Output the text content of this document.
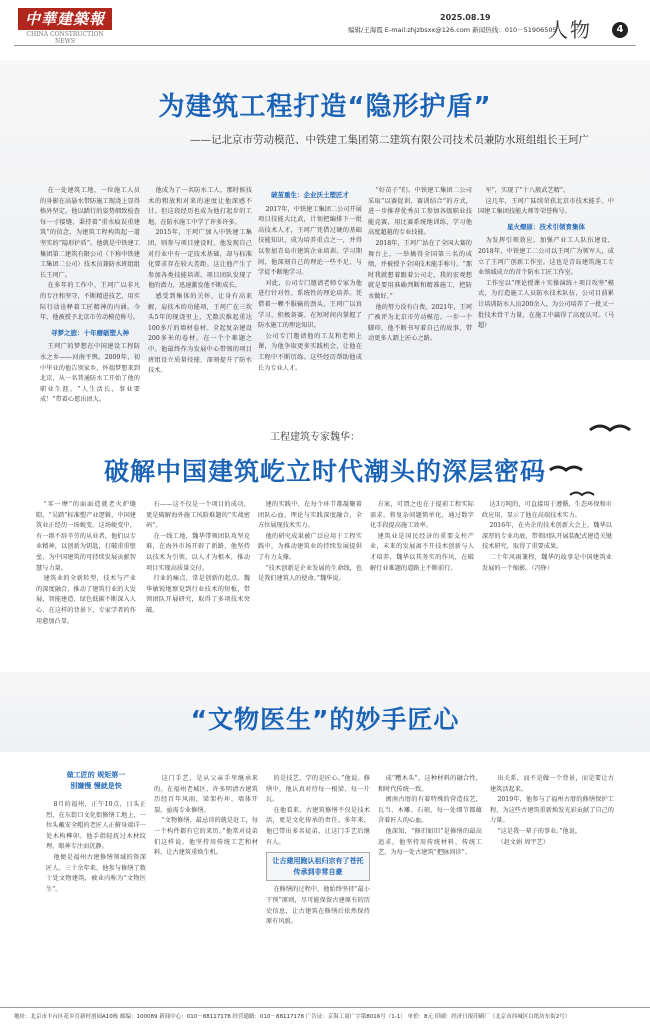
中華建築報
CHINA CONSTRUCTION NEWS
2025.08.19
编辑/王海霞 E-mail:zhjzbsxx@126.com 新闻热线：010－51906505
人物	4
为建筑工程打造“隐形护盾”
——记北京市劳动模范、中铁建工集团第二建筑有限公司技术员兼防水班组组长王珂广

在一处建筑工地，一位施工人员的身影在高悬水带防施工现浇上显得格外坚定。他以踏行的姿势细致检查每一寸接缝，秉持着“重水痕误重建筑”的信念，为建筑工程构筑起一道坚实的“隐形护盾”。他就是中铁建工集团第二建筑有限公司（下称中铁建工集团二公司）技术员兼防水班组组长王珂广。

在多年的工作中，王珂广以非凡的专注和坚守，不断精进技艺，用实际行动诠释着工匠精神的内涵。今年，他被授予北京市劳动模范称号。

寻梦之旅：十年磨砺塑人神

王珂广的梦想在中国建设工程防水之乡——河南平舆。2009年，初中毕业的他告别家乡，怀揣梦想来到北京，从一名普通防水工开始了他的职业生涯。“人生活长，事业要成！”带着心愿出团大。

他成为了一名防水工人，那时候技术的粗放和对来的速度让他深感不甘。但这段经历也成为他打起步的工地，在防水施工中学了许多许多。

2015年，王珂广加入中铁建工集团，则参与项目建设时，他发现自己对行业中有一定技术基础，却与标准化要求存在较大差距。这让他产生了参加各类技能培训。项目团队发现了他的潜力，迅速激发他不断成长。

感受到集体的关怀，让身有高来解，肩扶木的功能项，王珂广在三坎头5年的现浇里上，无数次推起重达100多斤的墙材卷材。全起复杂建设200多米的卷材。在一个个难题之中。他最终作为发展中心带领的项目班组设立质量技能、深刻提升了防水技术。

破茧重生：企业沃土塑匠才

2017年，中铁建工集团二公司开展项目技能大比武，计划把编排下一批高技术人才，王珂广凭借过硬的基础技能知识，成为培养重点之一，并得以参加青岛市建筑企业培训。学习期间，他深刻自己的理论一些不足，与学徒不断地学习。

对此，公司专门邀请老师专家为他进行针对性、系统性的理论培养。凭借着一颗不服输的劲头，王珂广以真学习、积极备赛、在短时间内掌握了防水施工的理论知识。

公司专门邀请他的工友和老师上课，为他争取更多实践机会，让他在工程中不断历练。这些经历帮助他成长为专业人才。

“好苗子”们。中铁建工集团二公司采取“以赛促训、赛训结合”的方式，进一步推荐优秀员工参加各级职业技能竞赛，用比赛系统地训练，学习他高度超越的专业技能。

2018年，王珂广站在了全国大赛的舞台上，一举摘得全国第三名的成绩，并被授予全国技术能手称号。“那时我就想着跟着公司走，我的宏观想就是要用准确判断和精准施工，把防水做好。”

他的努力没有白费。2021年，王珂广被评为北京市劳动模范。一步一个脚印，他不断书写着自己的故事，带动更多人踏上匠心之路。

军”，实现了“十八般武艺精”。

这几年，王珂广陆续荣获北京市技术能手、中国建工集团技能大师等荣誉称号。

星火燎原：技术引领育集体

为发挥引领效应，加强产业工人队伍建设，2018年，中铁建工二公司以王珂广为领军人，成立了王珂广创新工作室。这也是青岛建筑施工专业领域成立的首个防水工匠工作室。

工作室以“理论授课＋实操演练＋项目攻坚”模式，为打造施工人员防水技术队伍，公司目前累计培训防水人员200余人，为公司培养了一批又一批技术骨干力量，在施工中赢得了高度认可。（马超）

工程建筑专家魏华：
破解中国建筑屹立时代潮头的深层密码

“零一摩”的面面造就老火炉缝隙，“吴踏”标准塑产业逻辑，中国建筑业正经历一场蜕变。这场蜕变中，有一群不辞辛劳的从业者，他们以专业精神，以创新为钥匙，打破重重壁垒，为中国建筑的可持续发展贡献智慧与力量。

建筑业的全新转型，技术与产业的深度融合，推动了建筑行业的大发展，智能建造、绿色低碳不断深入人心，在这样的背景下，专家学者的作用愈加凸显。

石——这不仅是一个项目的成功，更是破解海外施工风险难题的“实战密码”。

在一线工地，魏华带领团队攻坚克难，在海外市场开辟了新路，他坚持以技术为引领、以人才为根本，推动项目实现高质量交付。

行业的痛点，常是创新的起点。魏华敏锐地察觉到行业技术的短板，带领团队开展研究，取得了多项技术突破。

建的实践中，在每个环节都凝聚着团队心血，理论与实践深度融合，全方位展现技术实力。

他的研究成果被广泛应用于工程实践中，为推动建筑业的持续发展提供了有力支撑。

“技术创新是企业发展的生命线，也是我们建筑人的使命。”魏华说。

方案，可谓之也在于提前工程实际需求，将复杂问题简单化，通过数字化手段提高施工效率。

建筑业是国民经济的重要支柱产业，未来的发展离不开技术创新与人才培养，魏华以其务实的作风，在破解行业难题的道路上不断前行。

达3万吨的，可直接用于遵循，生态环保和市政应用，显示了他在高端技术实力。

2016年，在央企的技术创新大会上，魏华以深厚的专业功底，带领团队开展装配式建造关键技术研究，取得了重要成果。

二十年风雨兼程，魏华的故事是中国建筑业发展的一个缩影。（冯铮）

“文物医生”的妙手匠心
做工匠的 规矩第一
别嫌慢 慢就是快

8月的福州，正午10点，日头正烈，在东街口文化街修缮工地上，一位头戴安全帽的老匠人正俯身端详一处木构榫卯。他手指轻抚过木材纹理，眼神专注而沉静。

他便是福州古建修缮领域的资深匠人。三十余年来，他参与修缮了数十处文物建筑，被业内称为“文物医生”。

这门手艺，是从父亲手里继承来的。在福州老城区，许多明清古建筑历经百年风雨，梁架朽坏、墙体开裂，亟需专业修缮。

“文物修缮，最忌讳的就是赶工，每一个构件都有它的来历。”他常对徒弟们这样说。他坚持用传统工艺和材料，让古建筑重焕生机。

的是技艺，学的是匠心。”他说。修缮中，他认真对待每一根梁、每一片瓦。

在他看来，古建筑修缮不仅是技术活，更是文化传承的责任。多年来，他已带出多名徒弟，让这门手艺后继有人。

让古建用跑认祖归宗有了苍托 传承到非常自豪

在修缮的过程中，他始终坚持“最小干预”原则，尽可能保留古建原有的历史信息，让古建筑在修缮后依然保持原有风貌。

成“糟木头”，这种材料的融合性，和时代传统一致。

闽南古厝的有着特殊的营造技艺，瓦当、木雕、石刻，每一处细节都蕴含着匠人的心血。

他深知，“修旧如旧”是修缮的最高追求，他坚持用传统材料、传统工艺，为每一处古建筑“把脉问诊”。

出关系，而不是做一个背景，而是要让古建筑活起来。

2019年，他参与了福州古厝的修缮保护工程，为这些古建筑重新焕发光彩贡献了自己的力量。

“这是我一辈子的事业。”他说。

（赵文娟 周宇艺）

地址：北京市丰台区花乡育新村创园A10栋 邮编：100089 新闻中心：010－88117178 经营通路：010－88117178 广告证：京海工商广字第8016号（1-1） 单价：8元 印刷：经济日报印刷厂（北京市西城区白纸坊东街2号）
